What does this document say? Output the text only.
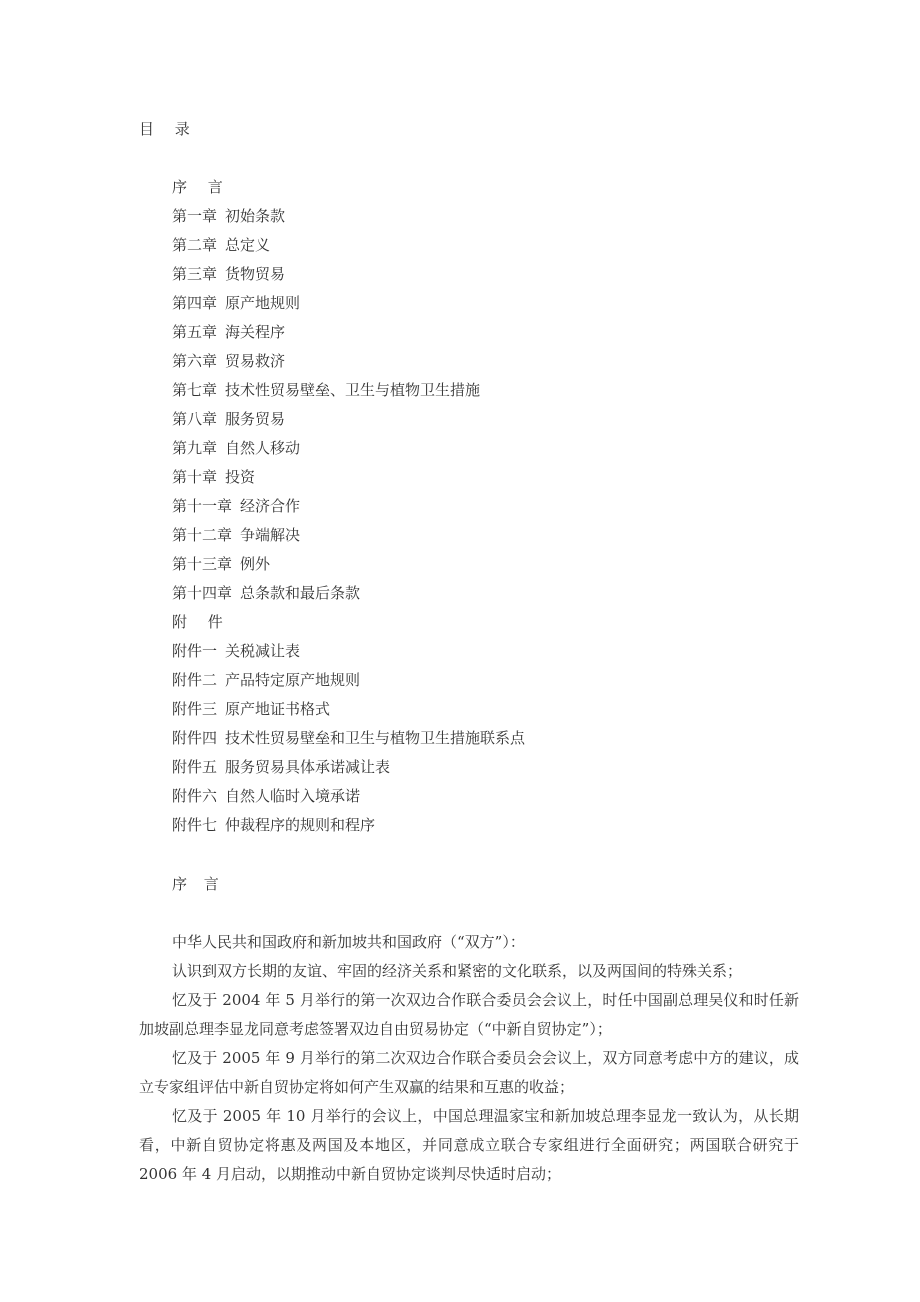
目 录
序 言
第一章 初始条款
第二章 总定义
第三章 货物贸易
第四章 原产地规则
第五章 海关程序
第六章 贸易救济
第七章 技术性贸易壁垒、卫生与植物卫生措施
第八章 服务贸易
第九章 自然人移动
第十章 投资
第十一章 经济合作
第十二章 争端解决
第十三章 例外
第十四章 总条款和最后条款
附 件
附件一 关税减让表
附件二 产品特定原产地规则
附件三 原产地证书格式
附件四 技术性贸易壁垒和卫生与植物卫生措施联系点
附件五 服务贸易具体承诺减让表
附件六 自然人临时入境承诺
附件七 仲裁程序的规则和程序
序 言

中华人民共和国政府和新加坡共和国政府（“双方”）：

认识到双方长期的友谊、牢固的经济关系和紧密的文化联系，以及两国间的特殊关系；

忆及于 2004 年 5 月举行的第一次双边合作联合委员会会议上，时任中国副总理吴仪和时任新加坡副总理李显龙同意考虑签署双边自由贸易协定（“中新自贸协定”）；

忆及于 2005 年 9 月举行的第二次双边合作联合委员会会议上，双方同意考虑中方的建议，成立专家组评估中新自贸协定将如何产生双赢的结果和互惠的收益；

忆及于 2005 年 10 月举行的会议上，中国总理温家宝和新加坡总理李显龙一致认为，从长期看，中新自贸协定将惠及两国及本地区，并同意成立联合专家组进行全面研究；两国联合研究于 2006 年 4 月启动，以期推动中新自贸协定谈判尽快适时启动；
